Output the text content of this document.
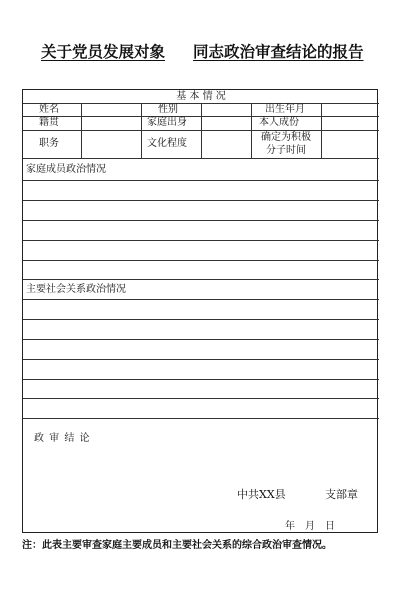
关于党员发展对象 同志政治审查结论的报告
基 本 情 况
姓名	性别	出生年月
籍贯	家庭出身	本人成份
职务	文化程度
确定为积极
分子时间
家庭成员政治情况
主要社会关系政治情况
政 审 结 论
中共XX县	支部章
年　月　日
注：此表主要审查家庭主要成员和主要社会关系的综合政治审查情况。
